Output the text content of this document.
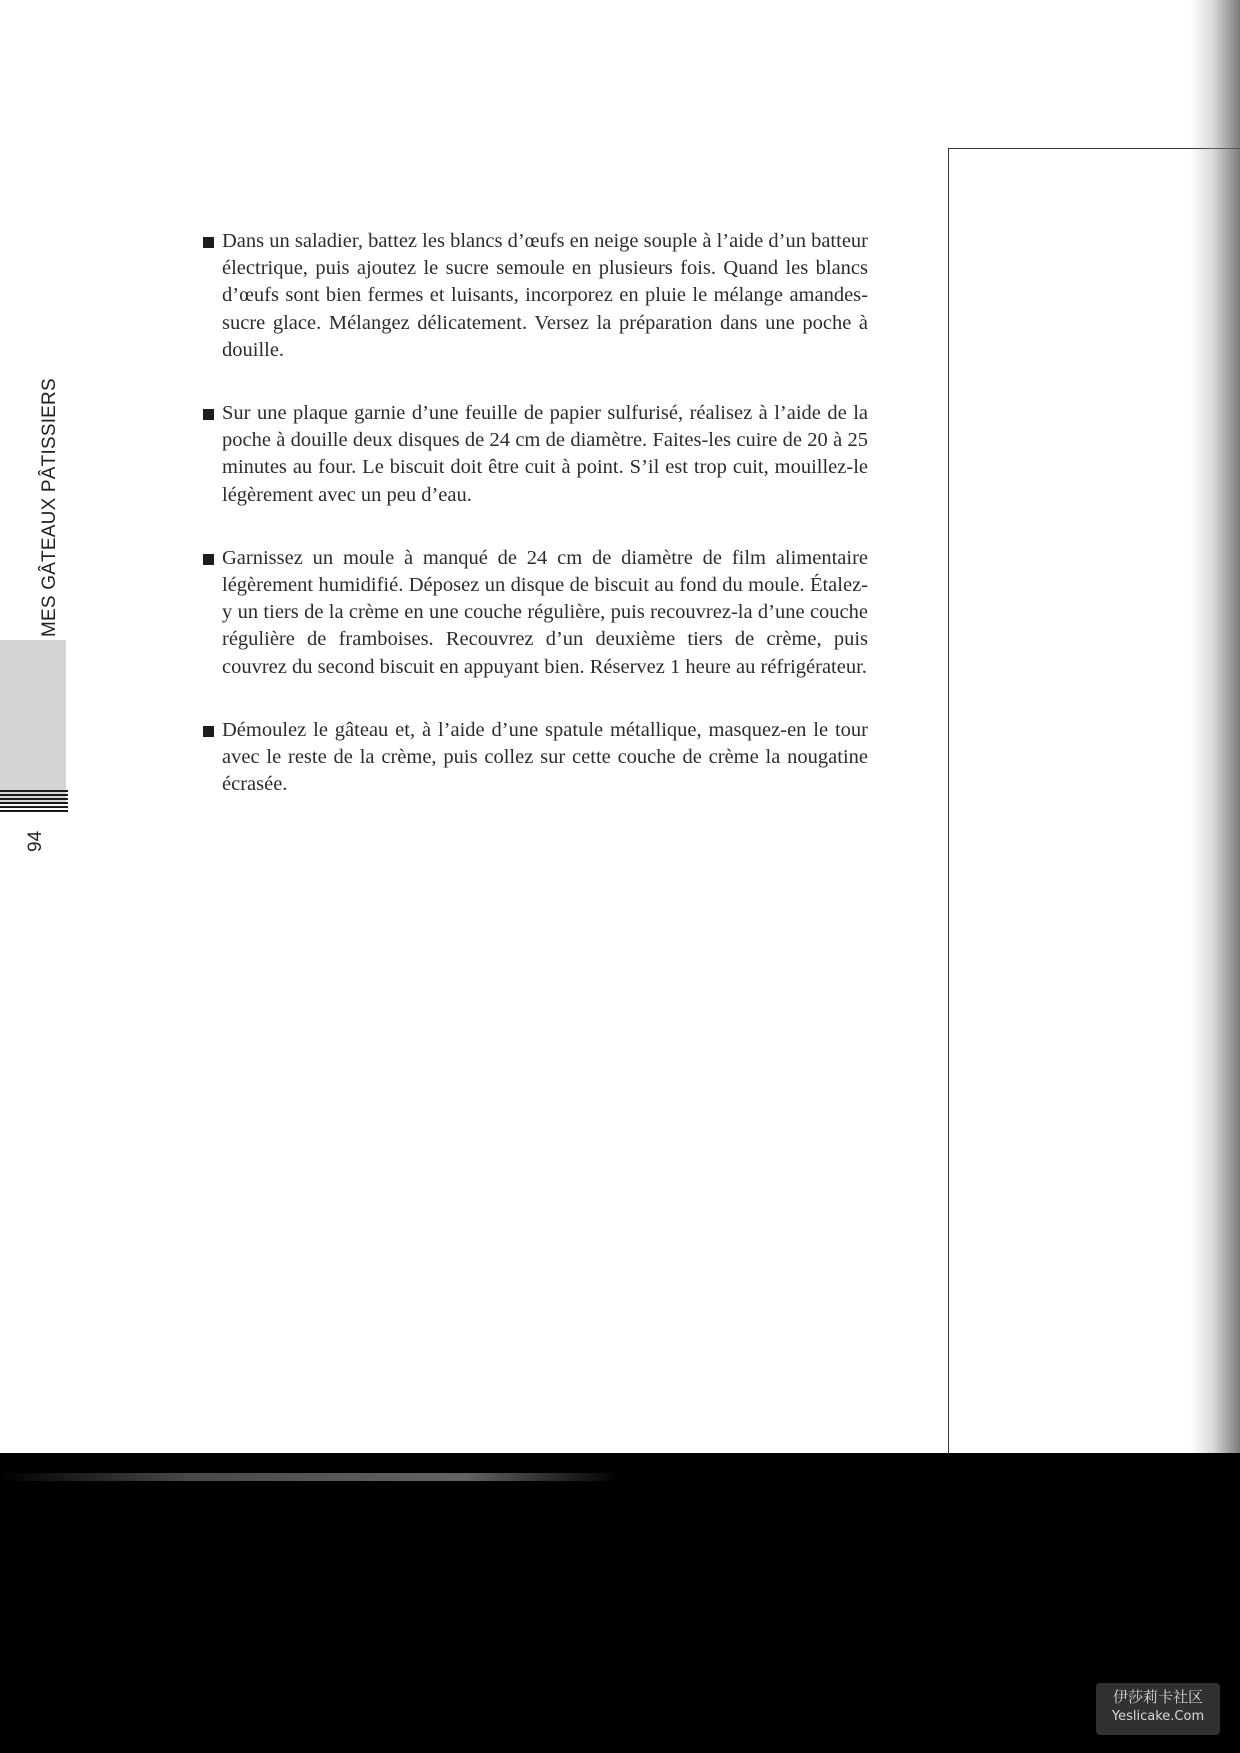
MES GÂTEAUX PÂTISSIERS
94
Dans un saladier, battez les blancs d’œufs en neige souple à l’aide d’un batteur électrique, puis ajoutez le sucre semoule en plusieurs fois. Quand les blancs d’œufs sont bien fermes et luisants, incorporez en pluie le mélange amandes-sucre glace. Mélangez délicatement. Versez la préparation dans une poche à douille.
Sur une plaque garnie d’une feuille de papier sulfurisé, réalisez à l’aide de la poche à douille deux disques de 24 cm de diamètre. Faites-les cuire de 20 à 25 minutes au four. Le biscuit doit être cuit à point. S’il est trop cuit, mouillez-le légèrement avec un peu d’eau.
Garnissez un moule à manqué de 24 cm de diamètre de film alimentaire légèrement humidifié. Déposez un disque de biscuit au fond du moule. Étalez-y un tiers de la crème en une couche régulière, puis recouvrez-la d’une couche régulière de framboises. Recouvrez d’un deuxième tiers de crème, puis couvrez du second biscuit en appuyant bien. Réservez 1 heure au réfrigérateur.
Démoulez le gâteau et, à l’aide d’une spatule métallique, masquez-en le tour avec le reste de la crème, puis collez sur cette couche de crème la nougatine écrasée.
伊莎莉卡社区
Yeslicake.Com
